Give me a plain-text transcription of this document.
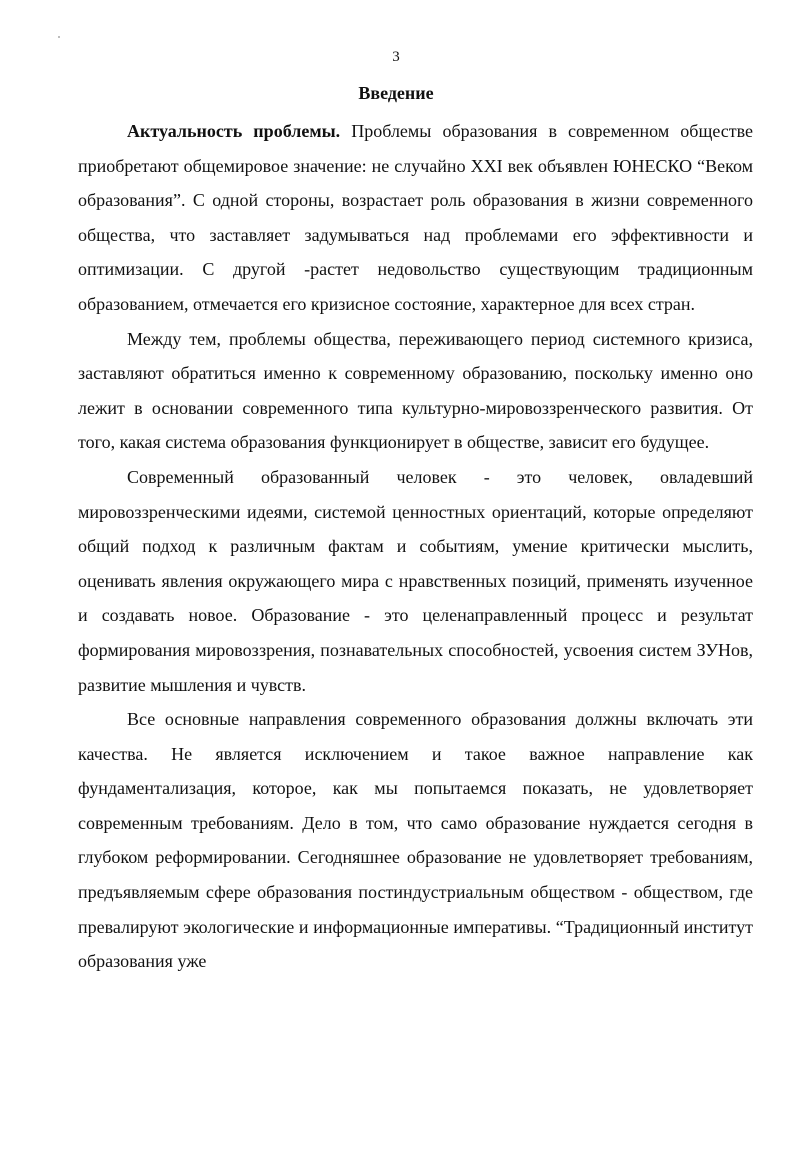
3
Введение

Актуальность проблемы. Проблемы образования в современном обществе приобретают общемировое значение: не случайно XXI век объявлен ЮНЕСКО “Веком образования”. С одной стороны, возрастает роль образования в жизни современного общества, что заставляет задумываться над проблемами его эффективности и оптимизации. С другой -растет недовольство существующим традиционным образованием, отмечается его кризисное состояние, характерное для всех стран.

Между тем, проблемы общества, переживающего период системного кризиса, заставляют обратиться именно к современному образованию, поскольку именно оно лежит в основании современного типа культурно-мировоззренческого развития. От того, какая система образования функционирует в обществе, зависит его будущее.

Современный образованный человек - это человек, овладевший мировоззренческими идеями, системой ценностных ориентаций, которые определяют общий подход к различным фактам и событиям, умение критически мыслить, оценивать явления окружающего мира с нравственных позиций, применять изученное и создавать новое. Образование - это целенаправленный процесс и результат формирования мировоззрения, познавательных способностей, усвоения систем ЗУНов, развитие мышления и чувств.

Все основные направления современного образования должны включать эти качества. Не является исключением и такое важное направление как фундаментализация, которое, как мы попытаемся показать, не удовлетворяет современным требованиям. Дело в том, что само образование нуждается сегодня в глубоком реформировании. Сегодняшнее образование не удовлетворяет требованиям, предъявляемым сфере образования постиндустриальным обществом - обществом, где превалируют экологические и информационные императивы. “Традиционный институт образования уже
